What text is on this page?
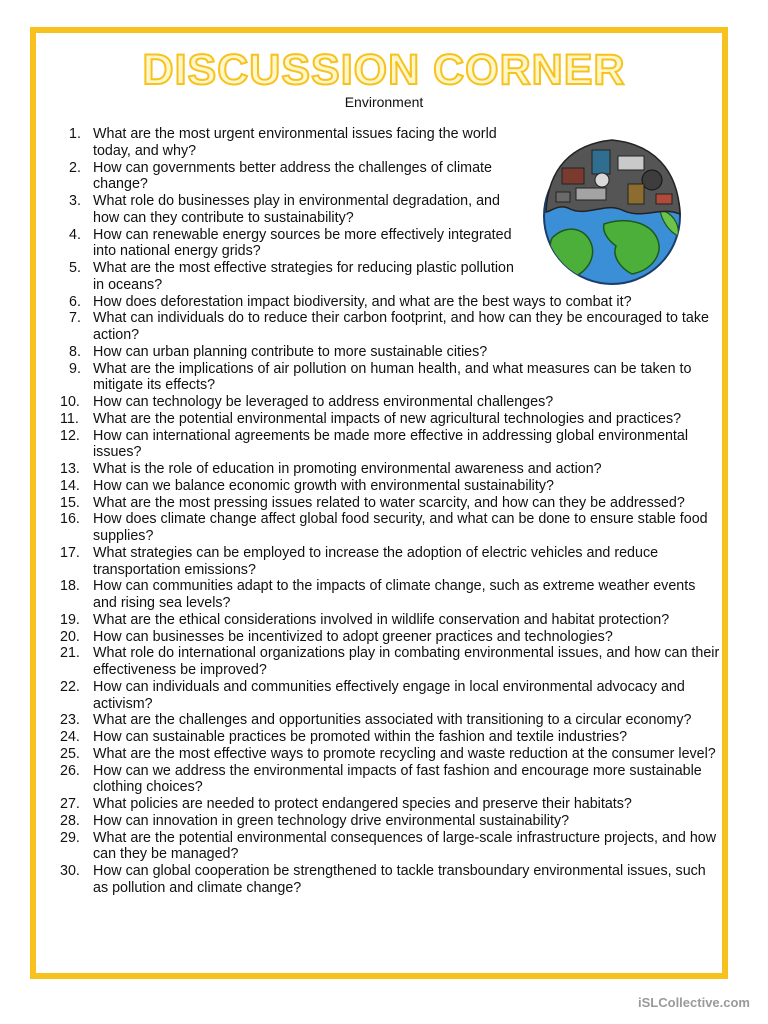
DISCUSSION CORNER
Environment
1. What are the most urgent environmental issues facing the world today, and why?
2. How can governments better address the challenges of climate change?
3. What role do businesses play in environmental degradation, and how can they contribute to sustainability?
4. How can renewable energy sources be more effectively integrated into national energy grids?
5. What are the most effective strategies for reducing plastic pollution in oceans?
6. How does deforestation impact biodiversity, and what are the best ways to combat it?
7. What can individuals do to reduce their carbon footprint, and how can they be encouraged to take action?
8. How can urban planning contribute to more sustainable cities?
9. What are the implications of air pollution on human health, and what measures can be taken to mitigate its effects?
10. How can technology be leveraged to address environmental challenges?
11. What are the potential environmental impacts of new agricultural technologies and practices?
12. How can international agreements be made more effective in addressing global environmental issues?
13. What is the role of education in promoting environmental awareness and action?
14. How can we balance economic growth with environmental sustainability?
15. What are the most pressing issues related to water scarcity, and how can they be addressed?
16. How does climate change affect global food security, and what can be done to ensure stable food supplies?
17. What strategies can be employed to increase the adoption of electric vehicles and reduce transportation emissions?
18. How can communities adapt to the impacts of climate change, such as extreme weather events and rising sea levels?
19. What are the ethical considerations involved in wildlife conservation and habitat protection?
20. How can businesses be incentivized to adopt greener practices and technologies?
21. What role do international organizations play in combating environmental issues, and how can their effectiveness be improved?
22. How can individuals and communities effectively engage in local environmental advocacy and activism?
23. What are the challenges and opportunities associated with transitioning to a circular economy?
24. How can sustainable practices be promoted within the fashion and textile industries?
25. What are the most effective ways to promote recycling and waste reduction at the consumer level?
26. How can we address the environmental impacts of fast fashion and encourage more sustainable clothing choices?
27. What policies are needed to protect endangered species and preserve their habitats?
28. How can innovation in green technology drive environmental sustainability?
29. What are the potential environmental consequences of large-scale infrastructure projects, and how can they be managed?
30. How can global cooperation be strengthened to tackle transboundary environmental issues, such as pollution and climate change?
iSLCollective.com
